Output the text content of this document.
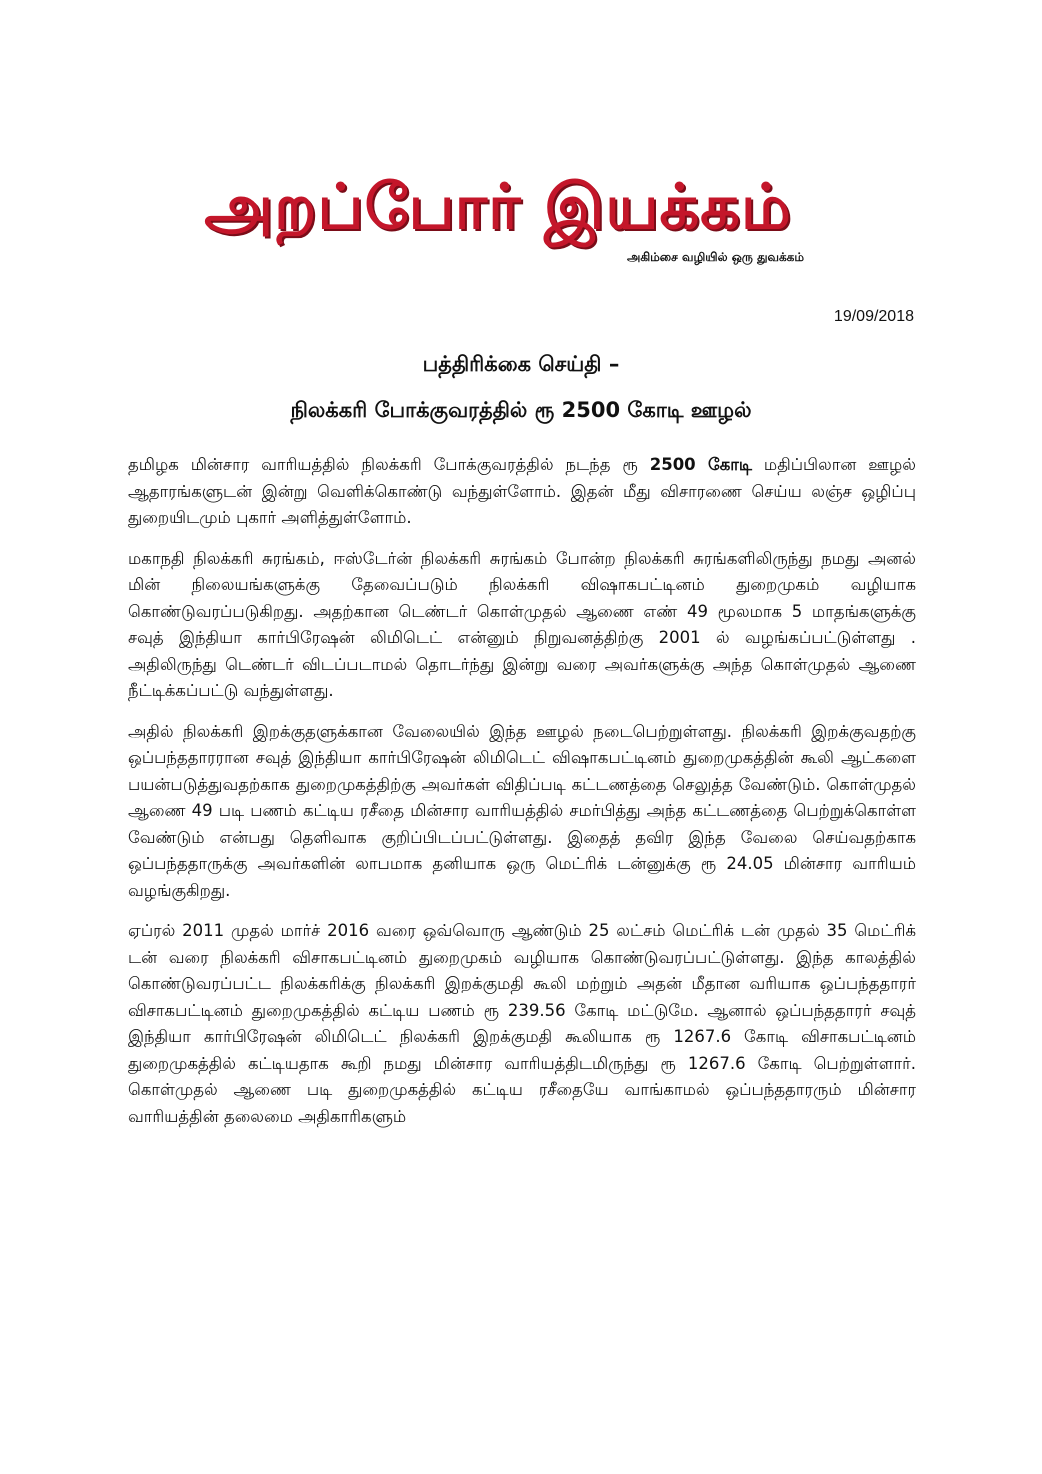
அறப்போர் இயக்கம்
அகிம்சை வழியில் ஒரு துவக்கம்
19/09/2018
பத்திரிக்கை செய்தி –
நிலக்கரி போக்குவரத்தில் ரூ 2500 கோடி ஊழல்

தமிழக மின்சார வாரியத்தில் நிலக்கரி போக்குவரத்தில் நடந்த ரூ 2500 கோடி மதிப்பிலான ஊழல் ஆதாரங்களுடன் இன்று வெளிக்கொண்டு வந்துள்ளோம். இதன் மீது விசாரணை செய்ய லஞ்ச ஒழிப்பு துறையிடமும் புகார் அளித்துள்ளோம்.

மகாநதி நிலக்கரி சுரங்கம், ஈஸ்டேர்ன் நிலக்கரி சுரங்கம் போன்ற நிலக்கரி சுரங்களிலிருந்து நமது அனல் மின் நிலையங்களுக்கு தேவைப்படும் நிலக்கரி விஷாகபட்டினம் துறைமுகம் வழியாக கொண்டுவரப்படுகிறது. அதற்கான டெண்டர் கொள்முதல் ஆணை எண் 49 மூலமாக 5 மாதங்களுக்கு சவுத் இந்தியா கார்பிரேஷன் லிமிடெட் என்னும் நிறுவனத்திற்கு 2001 ல் வழங்கப்பட்டுள்ளது . அதிலிருந்து டெண்டர் விடப்படாமல் தொடர்ந்து இன்று வரை அவர்களுக்கு அந்த கொள்முதல் ஆணை நீட்டிக்கப்பட்டு வந்துள்ளது.

அதில் நிலக்கரி இறக்குதளுக்கான வேலையில் இந்த ஊழல் நடைபெற்றுள்ளது. நிலக்கரி இறக்குவதற்கு ஒப்பந்ததாரரான சவுத் இந்தியா கார்பிரேஷன் லிமிடெட் விஷாகபட்டினம் துறைமுகத்தின் கூலி ஆட்களை பயன்படுத்துவதற்காக துறைமுகத்திற்கு அவர்கள் விதிப்படி கட்டணத்தை செலுத்த வேண்டும். கொள்முதல் ஆணை 49 படி பணம் கட்டிய ரசீதை மின்சார வாரியத்தில் சமர்பித்து அந்த கட்டணத்தை பெற்றுக்கொள்ள வேண்டும் என்பது தெளிவாக குறிப்பிடப்பட்டுள்ளது. இதைத் தவிர இந்த வேலை செய்வதற்காக ஒப்பந்ததாருக்கு அவர்களின் லாபமாக தனியாக ஒரு மெட்ரிக் டன்னுக்கு ரூ 24.05 மின்சார வாரியம் வழங்குகிறது.

ஏப்ரல் 2011 முதல் மார்ச் 2016 வரை ஒவ்வொரு ஆண்டும் 25 லட்சம் மெட்ரிக் டன் முதல் 35 மெட்ரிக் டன் வரை நிலக்கரி விசாகபட்டினம் துறைமுகம் வழியாக கொண்டுவரப்பட்டுள்ளது. இந்த காலத்தில் கொண்டுவரப்பட்ட நிலக்கரிக்கு நிலக்கரி இறக்குமதி கூலி மற்றும் அதன் மீதான வரியாக ஒப்பந்ததாரர் விசாகபட்டினம் துறைமுகத்தில் கட்டிய பணம் ரூ 239.56 கோடி மட்டுமே. ஆனால் ஒப்பந்ததாரர் சவுத் இந்தியா கார்பிரேஷன் லிமிடெட் நிலக்கரி இறக்குமதி கூலியாக ரூ 1267.6 கோடி விசாகபட்டினம் துறைமுகத்தில் கட்டியதாக கூறி நமது மின்சார வாரியத்திடமிருந்து ரூ 1267.6 கோடி பெற்றுள்ளார். கொள்முதல் ஆணை படி துறைமுகத்தில் கட்டிய ரசீதையே வாங்காமல் ஒப்பந்ததாரரும் மின்சார வாரியத்தின் தலைமை அதிகாரிகளும்
